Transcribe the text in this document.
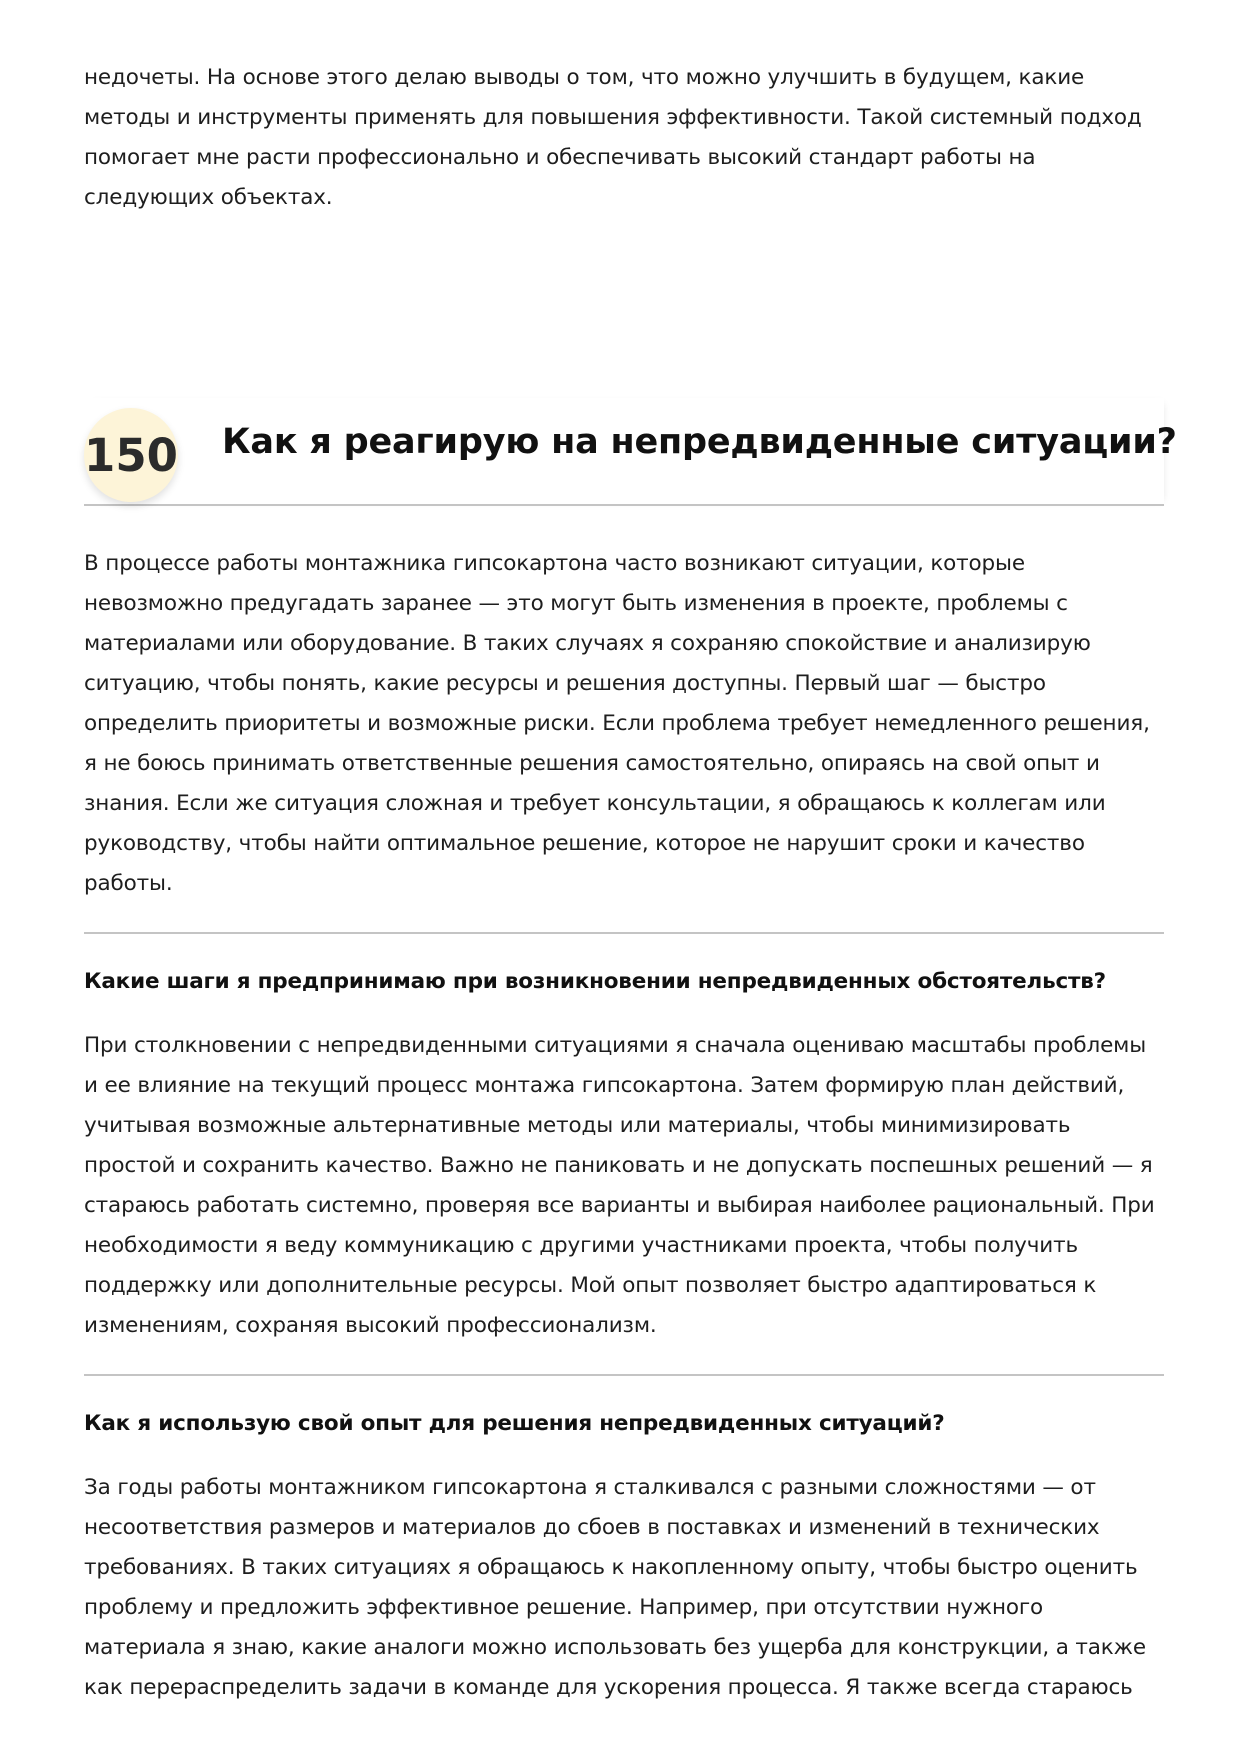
недочеты. На основе этого делаю выводы о том, что можно улучшить в будущем, какие методы и инструменты применять для повышения эффективности. Такой системный подход помогает мне расти профессионально и обеспечивать высокий стандарт работы на следующих объектах.

150 Как я реагирую на непредвиденные ситуации?

В процессе работы монтажника гипсокартона часто возникают ситуации, которые невозможно предугадать заранее — это могут быть изменения в проекте, проблемы с материалами или оборудование. В таких случаях я сохраняю спокойствие и анализирую ситуацию, чтобы понять, какие ресурсы и решения доступны. Первый шаг — быстро определить приоритеты и возможные риски. Если проблема требует немедленного решения, я не боюсь принимать ответственные решения самостоятельно, опираясь на свой опыт и знания. Если же ситуация сложная и требует консультации, я обращаюсь к коллегам или руководству, чтобы найти оптимальное решение, которое не нарушит сроки и качество работы.

Какие шаги я предпринимаю при возникновении непредвиденных обстоятельств?

При столкновении с непредвиденными ситуациями я сначала оцениваю масштабы проблемы и ее влияние на текущий процесс монтажа гипсокартона. Затем формирую план действий, учитывая возможные альтернативные методы или материалы, чтобы минимизировать простой и сохранить качество. Важно не паниковать и не допускать поспешных решений — я стараюсь работать системно, проверяя все варианты и выбирая наиболее рациональный. При необходимости я веду коммуникацию с другими участниками проекта, чтобы получить поддержку или дополнительные ресурсы. Мой опыт позволяет быстро адаптироваться к изменениям, сохраняя высокий профессионализм.

Как я использую свой опыт для решения непредвиденных ситуаций?

За годы работы монтажником гипсокартона я сталкивался с разными сложностями — от несоответствия размеров и материалов до сбоев в поставках и изменений в технических требованиях. В таких ситуациях я обращаюсь к накопленному опыту, чтобы быстро оценить проблему и предложить эффективное решение. Например, при отсутствии нужного материала я знаю, какие аналоги можно использовать без ущерба для конструкции, а также как перераспределить задачи в команде для ускорения процесса. Я также всегда стараюсь
